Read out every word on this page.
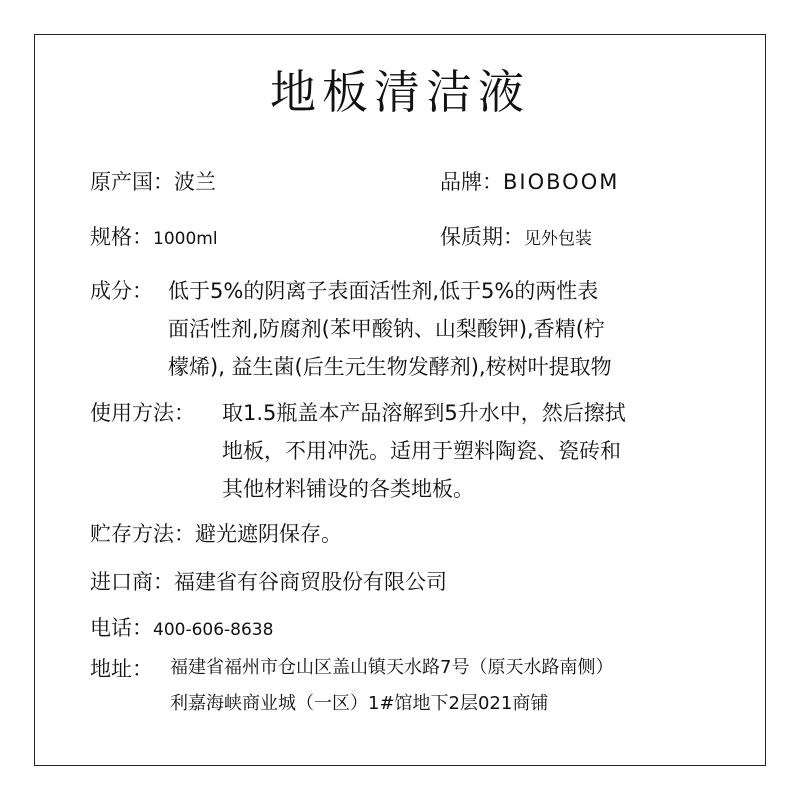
地板清洁液
原产国：波兰	品牌：BIOBOOM
规格：1000ml	保质期：见外包装
成分： 低于5%的阴离子表面活性剂,低于5%的两性表
面活性剂,防腐剂(苯甲酸钠、山梨酸钾),香精(柠
檬烯), 益生菌(后生元生物发酵剂),桉树叶提取物
使用方法： 取1.5瓶盖本产品溶解到5升水中，然后擦拭
地板，不用冲洗。适用于塑料陶瓷、瓷砖和
其他材料铺设的各类地板。
贮存方法：避光遮阴保存。
进口商：福建省有谷商贸股份有限公司
电话：400-606-8638
地址： 福建省福州市仓山区盖山镇天水路7号（原天水路南侧）
利嘉海峡商业城（一区）1#馆地下2层021商铺
